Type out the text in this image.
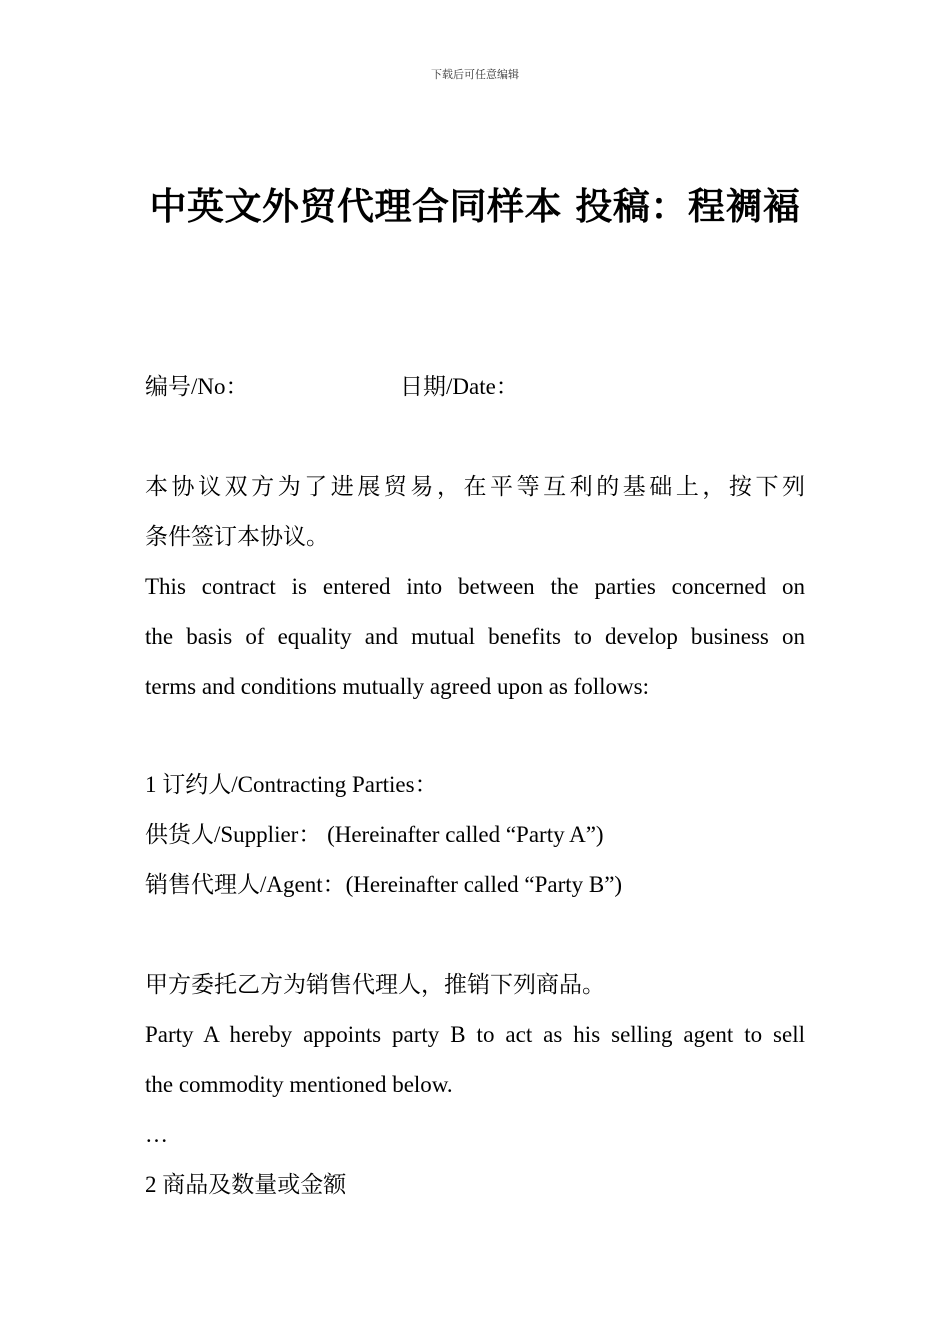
下载后可任意编辑
中英文外贸代理合同样本 投稿：程裯褔
编号/No：	日期/Date：
本协议双方为了进展贸易，在平等互利的基础上，按下列
条件签订本协议。
This contract is entered into between the parties concerned on
the basis of equality and mutual benefits to develop business on
terms and conditions mutually agreed upon as follows:
1 订约人/Contracting Parties：
供货人/Supplier： (Hereinafter called “Party A”)
销售代理人/Agent：(Hereinafter called “Party B”)
甲方委托乙方为销售代理人，推销下列商品。
Party A hereby appoints party B to act as his selling agent to sell
the commodity mentioned below.
…
2 商品及数量或金额
